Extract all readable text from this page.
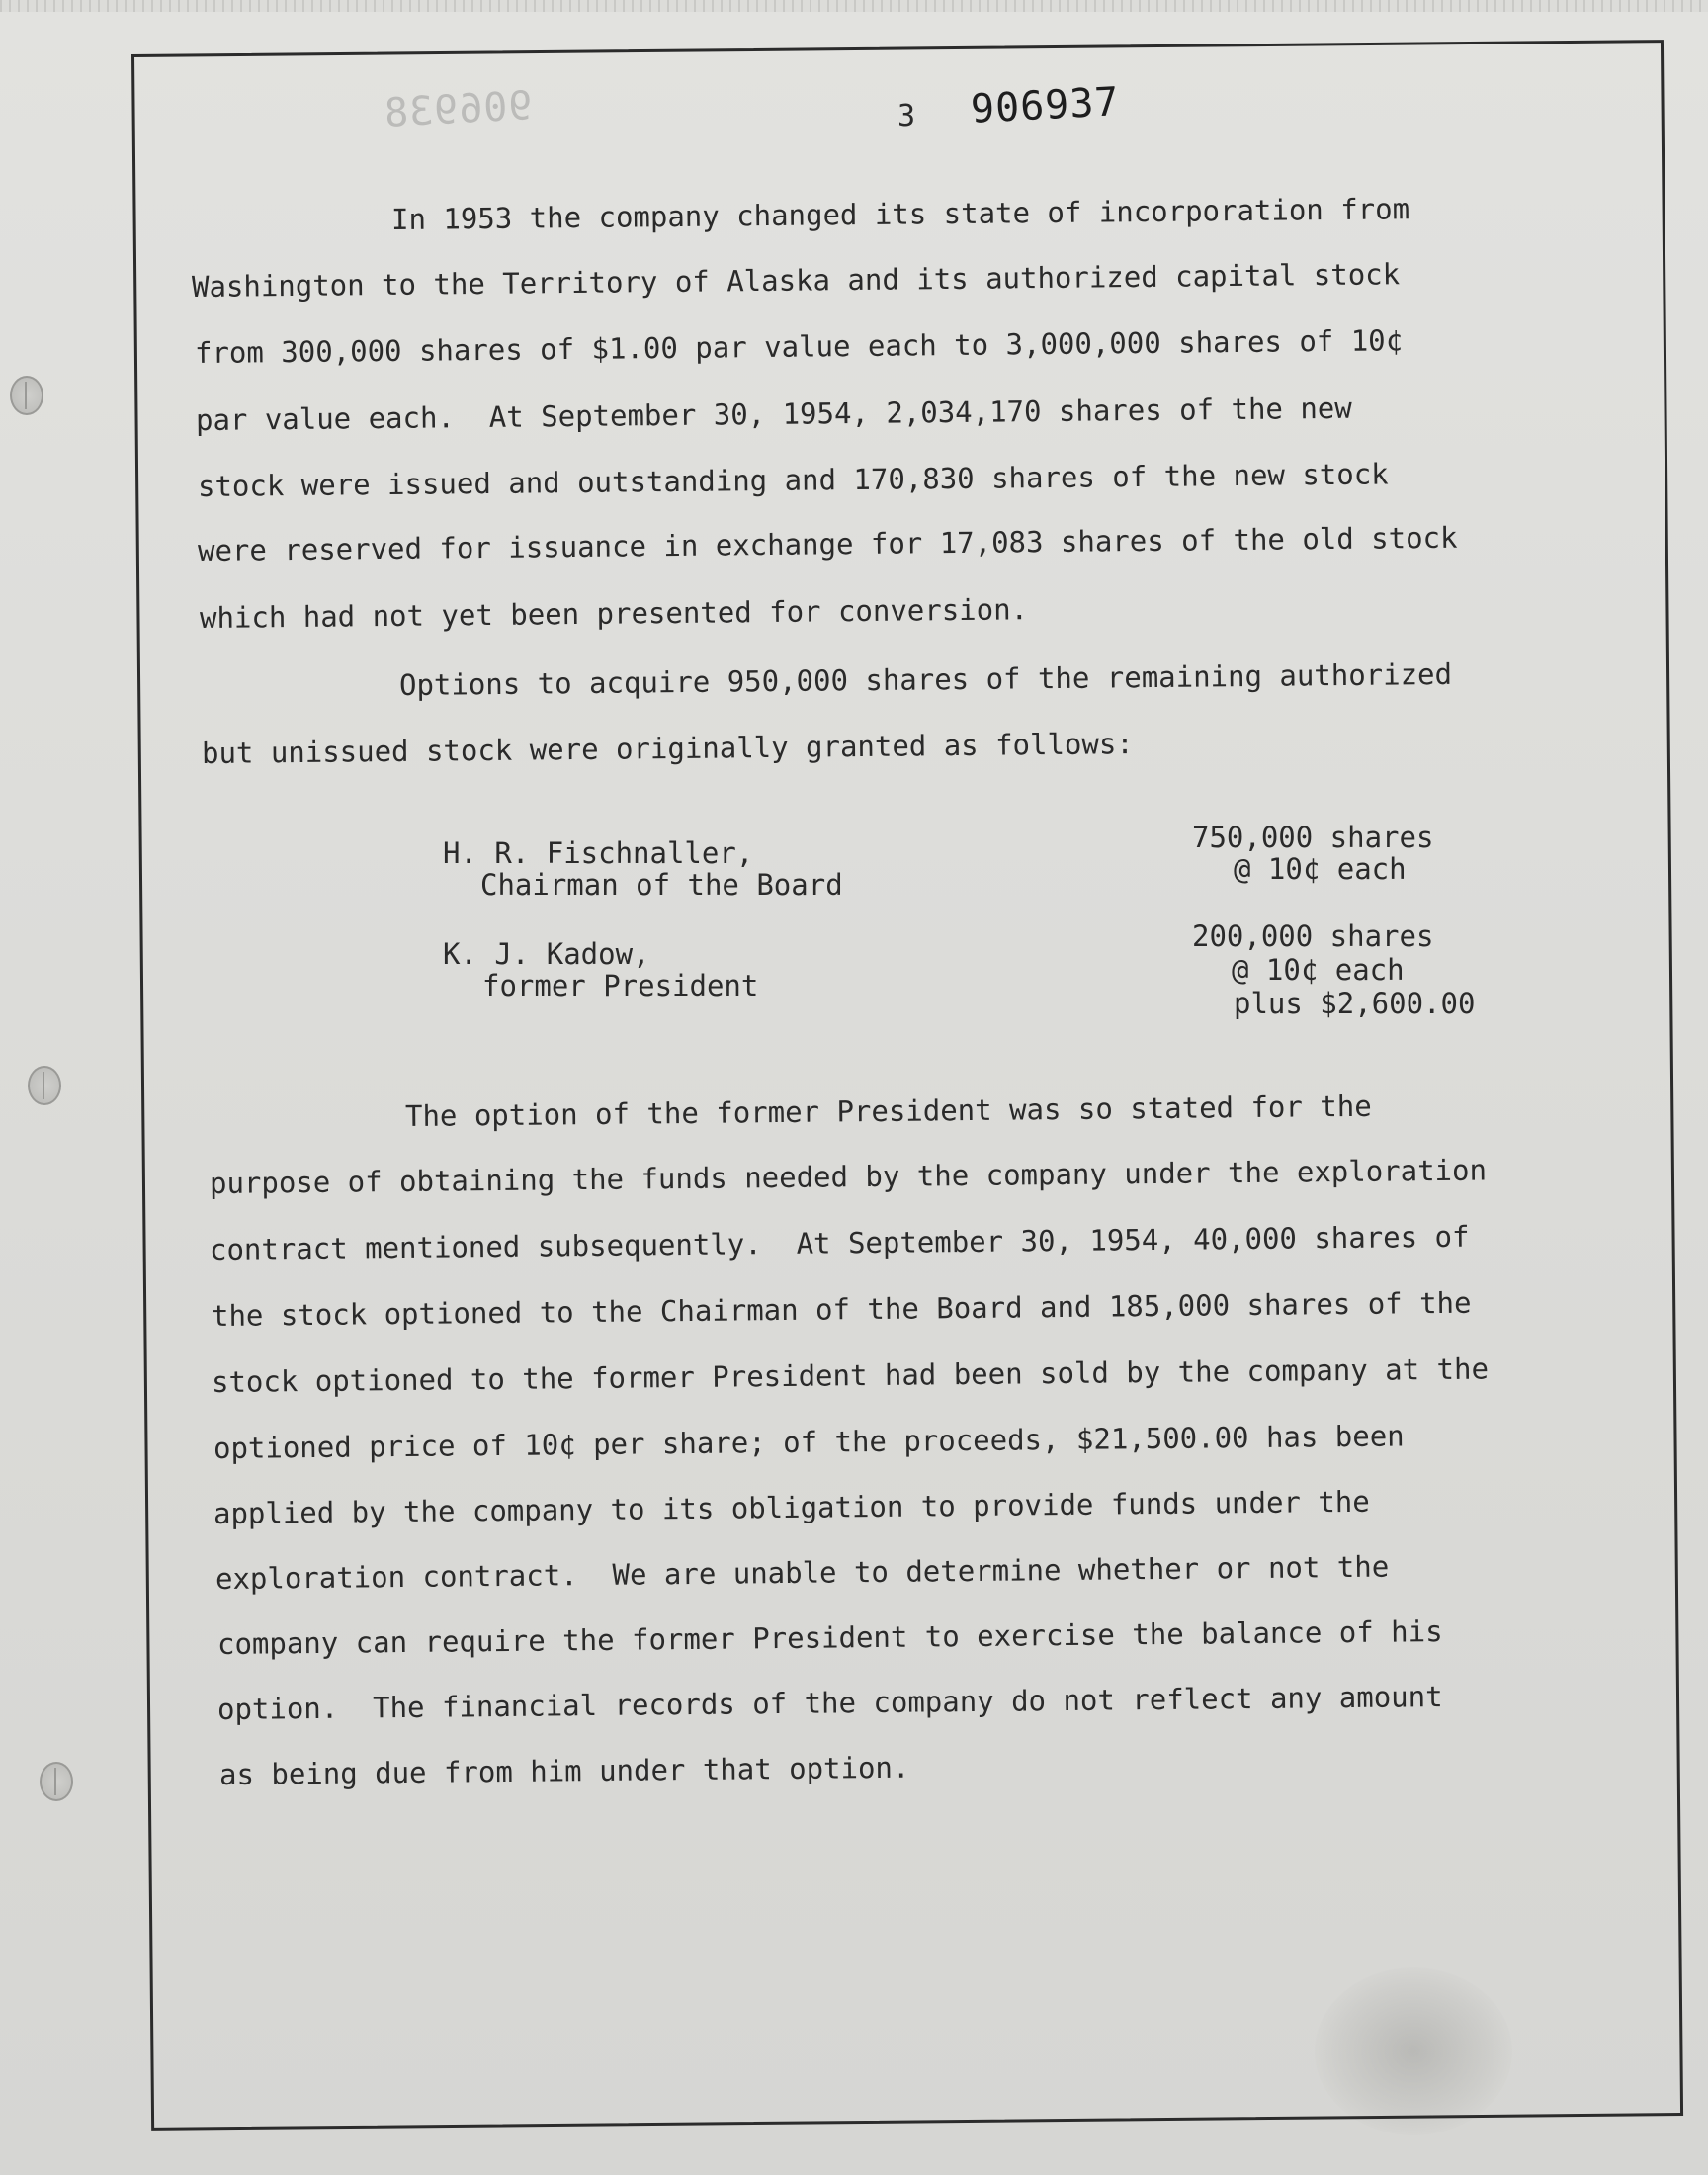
906938	3 906937
In 1953 the company changed its state of incorporation from
Washington to the Territory of Alaska and its authorized capital stock
from 300,000 shares of $1.00 par value each to 3,000,000 shares of 10¢
par value each.  At September 30, 1954, 2,034,170 shares of the new
stock were issued and outstanding and 170,830 shares of the new stock
were reserved for issuance in exchange for 17,083 shares of the old stock
which had not yet been presented for conversion.
Options to acquire 950,000 shares of the remaining authorized
but unissued stock were originally granted as follows:
H. R. Fischnaller,
Chairman of the Board
750,000 shares
@ 10¢ each
K. J. Kadow,
former President
200,000 shares
@ 10¢ each
plus $2,600.00
The option of the former President was so stated for the
purpose of obtaining the funds needed by the company under the exploration
contract mentioned subsequently.  At September 30, 1954, 40,000 shares of
the stock optioned to the Chairman of the Board and 185,000 shares of the
stock optioned to the former President had been sold by the company at the
optioned price of 10¢ per share; of the proceeds, $21,500.00 has been
applied by the company to its obligation to provide funds under the
exploration contract.  We are unable to determine whether or not the
company can require the former President to exercise the balance of his
option.  The financial records of the company do not reflect any amount
as being due from him under that option.
